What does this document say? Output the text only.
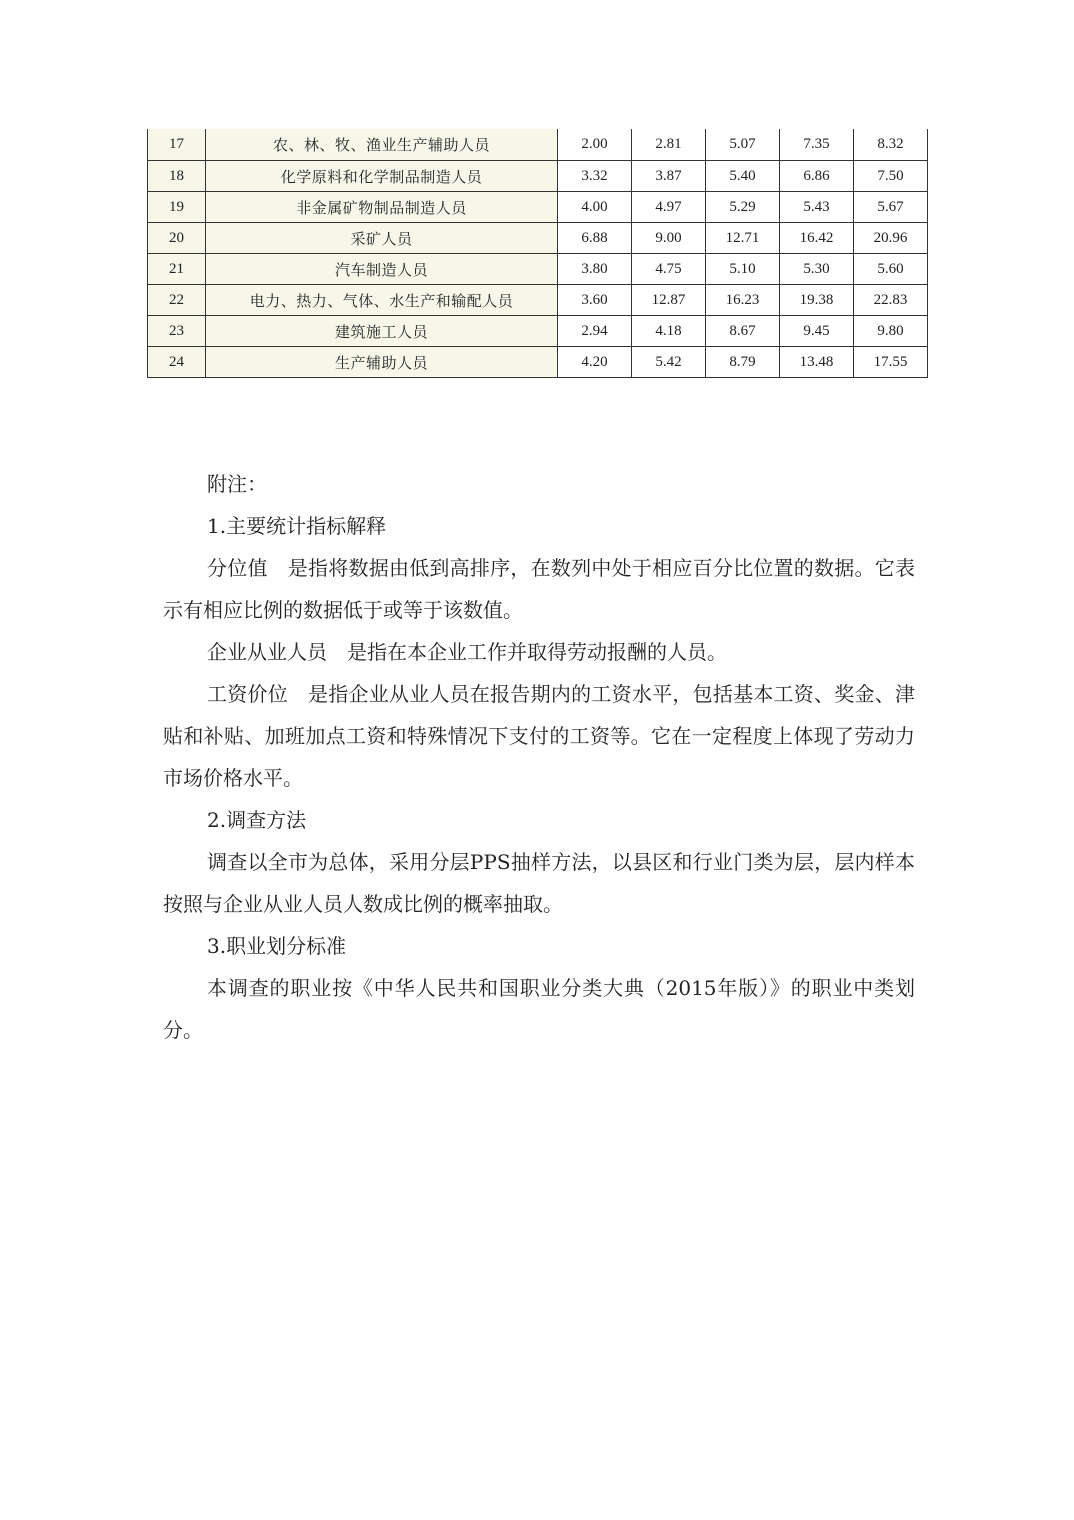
17	农、林、牧、渔业生产辅助人员	2.00	2.81	5.07	7.35	8.32
18	化学原料和化学制品制造人员	3.32	3.87	5.40	6.86	7.50
19	非金属矿物制品制造人员	4.00	4.97	5.29	5.43	5.67
20	采矿人员	6.88	9.00	12.71	16.42	20.96
21	汽车制造人员	3.80	4.75	5.10	5.30	5.60
22	电力、热力、气体、水生产和输配人员	3.60	12.87	16.23	19.38	22.83
23	建筑施工人员	2.94	4.18	8.67	9.45	9.80
24	生产辅助人员	4.20	5.42	8.79	13.48	17.55

附注：

1.主要统计指标解释

分位值 是指将数据由低到高排序，在数列中处于相应百分比位置的数据。它表示有相应比例的数据低于或等于该数值。

企业从业人员 是指在本企业工作并取得劳动报酬的人员。

工资价位 是指企业从业人员在报告期内的工资水平，包括基本工资、奖金、津贴和补贴、加班加点工资和特殊情况下支付的工资等。它在一定程度上体现了劳动力市场价格水平。

2.调查方法

调查以全市为总体，采用分层PPS抽样方法，以县区和行业门类为层，层内样本按照与企业从业人员人数成比例的概率抽取。

3.职业划分标准

本调查的职业按《中华人民共和国职业分类大典（2015年版）》的职业中类划分。
